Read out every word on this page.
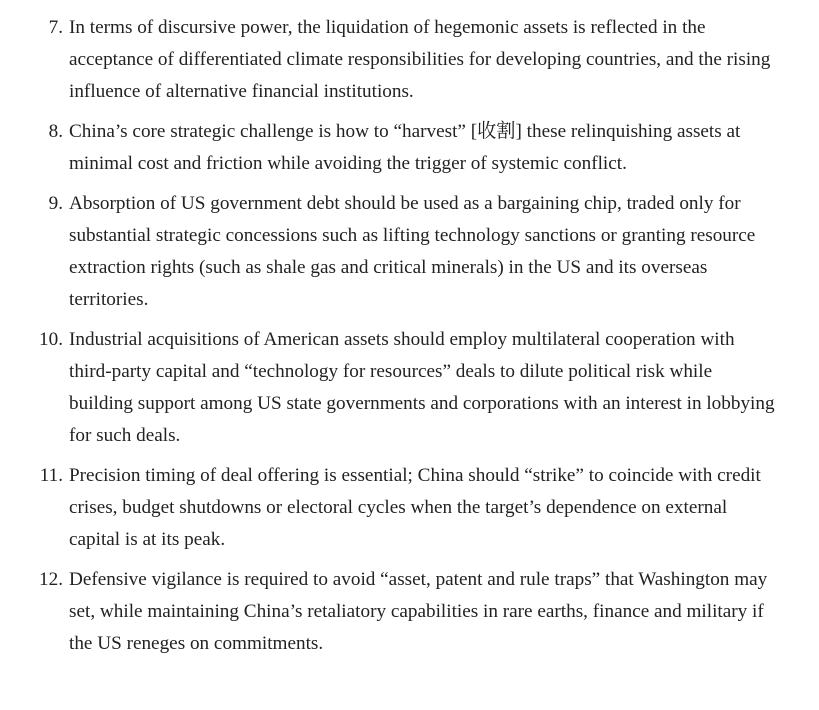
7. In terms of discursive power, the liquidation of hegemonic assets is reflected in the acceptance of differentiated climate responsibilities for developing countries, and the rising influence of alternative financial institutions.
8. China’s core strategic challenge is how to “harvest” [收割] these relinquishing assets at minimal cost and friction while avoiding the trigger of systemic conflict.
9. Absorption of US government debt should be used as a bargaining chip, traded only for substantial strategic concessions such as lifting technology sanctions or granting resource extraction rights (such as shale gas and critical minerals) in the US and its overseas territories.
10. Industrial acquisitions of American assets should employ multilateral cooperation with third-party capital and “technology for resources” deals to dilute political risk while building support among US state governments and corporations with an interest in lobbying for such deals.
11. Precision timing of deal offering is essential; China should “strike” to coincide with credit crises, budget shutdowns or electoral cycles when the target’s dependence on external capital is at its peak.
12. Defensive vigilance is required to avoid “asset, patent and rule traps” that Washington may set, while maintaining China’s retaliatory capabilities in rare earths, finance and military if the US reneges on commitments.
